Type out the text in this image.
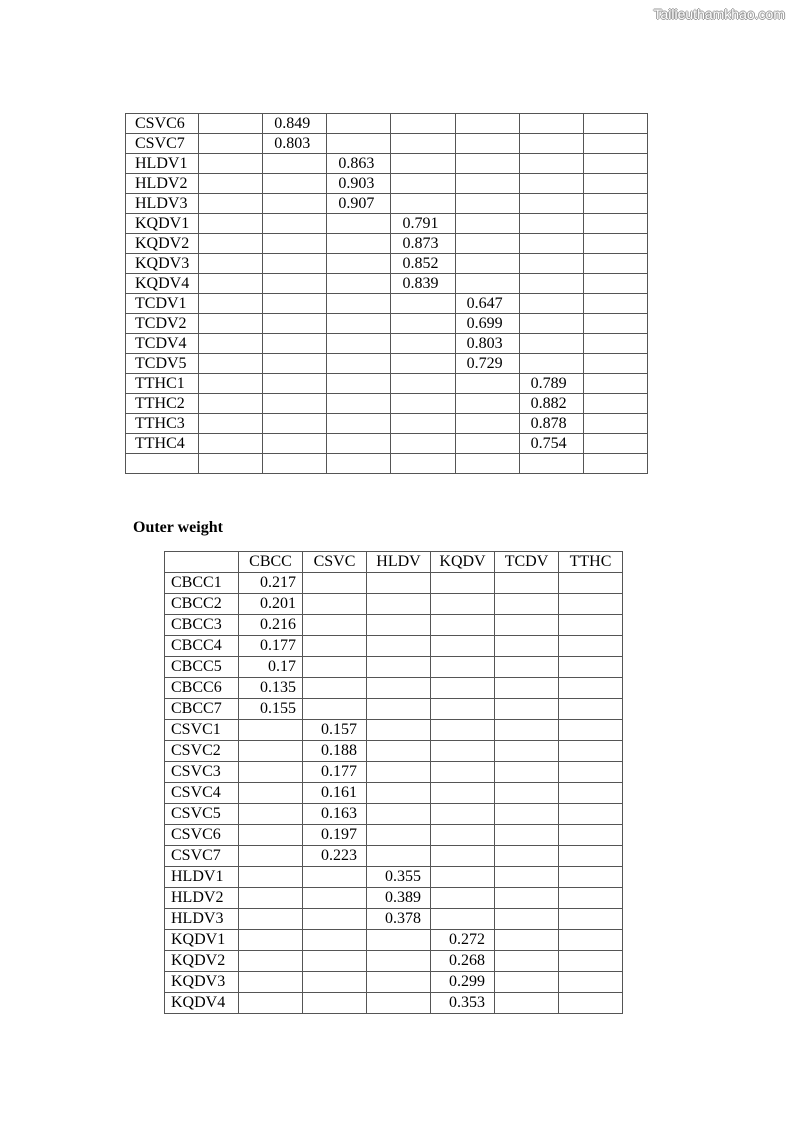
Tailieuthamkhao.com
CSVC6		0.849					
CSVC7		0.803					
HLDV1			0.863				
HLDV2			0.903				
HLDV3			0.907				
KQDV1				0.791			
KQDV2				0.873			
KQDV3				0.852			
KQDV4				0.839			
TCDV1					0.647		
TCDV2					0.699		
TCDV4					0.803		
TCDV5					0.729		
TTHC1						0.789	
TTHC2						0.882	
TTHC3						0.878	
TTHC4						0.754	

Outer weight
	CBCC	CSVC	HLDV	KQDV	TCDV	TTHC
CBCC1	0.217					
CBCC2	0.201					
CBCC3	0.216					
CBCC4	0.177					
CBCC5	0.17					
CBCC6	0.135					
CBCC7	0.155					
CSVC1		0.157				
CSVC2		0.188				
CSVC3		0.177				
CSVC4		0.161				
CSVC5		0.163				
CSVC6		0.197				
CSVC7		0.223				
HLDV1			0.355			
HLDV2			0.389			
HLDV3			0.378			
KQDV1				0.272		
KQDV2				0.268		
KQDV3				0.299		
KQDV4				0.353		
